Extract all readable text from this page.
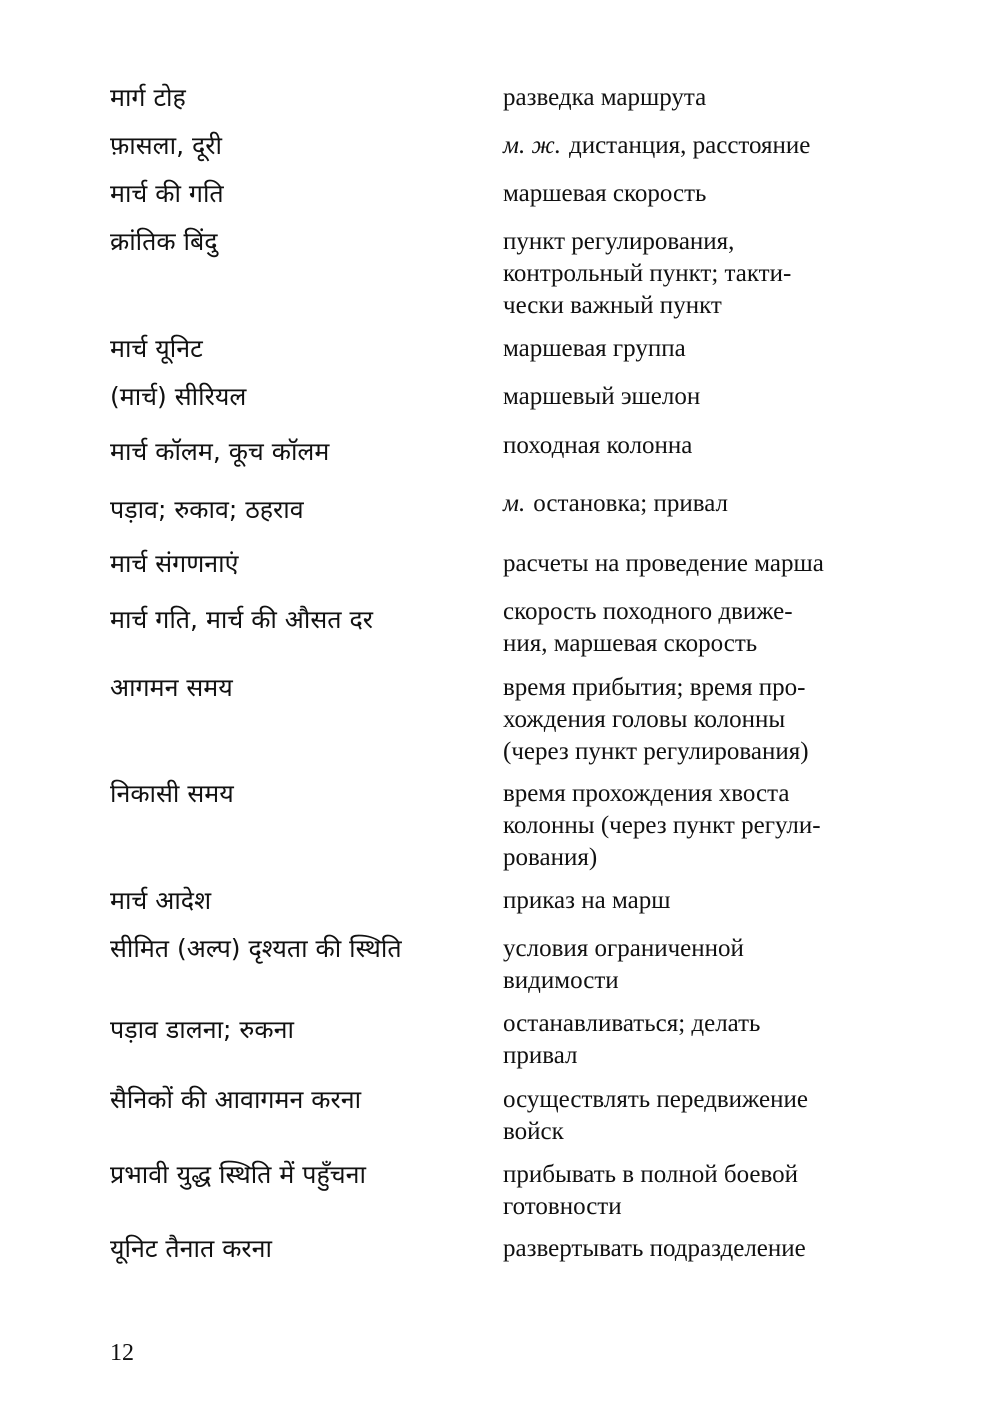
मार्ग टोह	разведка маршрута
फ़ासला, दूरी	м. ж. дистанция, расстояние
मार्च की गति	маршевая скорость
क्रांतिक बिंदु	пункт регулирования,
контрольный пункт; такти-
чески важный пункт
मार्च यूनिट	маршевая группа
(मार्च) सीरियल	маршевый эшелон
मार्च कॉलम, कूच कॉलम	походная колонна
पड़ाव; रुकाव; ठहराव	м. остановка; привал
मार्च संगणनाएं	расчеты на проведение марша
मार्च गति, मार्च की औसत दर	скорость походного движе-
ния, маршевая скорость
आगमन समय	время прибытия; время про-
хождения головы колонны
(через пункт регулирования)
निकासी समय	время прохождения хвоста
колонны (через пункт регули-
рования)
मार्च आदेश	приказ на марш
सीमित (अल्प) दृश्यता की स्थिति	условия ограниченной
видимости
पड़ाव डालना; रुकना	останавливаться; делать
привал
सैनिकों की आवागमन करना	осуществлять передвижение
войск
प्रभावी युद्ध स्थिति में पहुँचना	прибывать в полной боевой
готовности
यूनिट तैनात करना	развертывать подразделение
12
